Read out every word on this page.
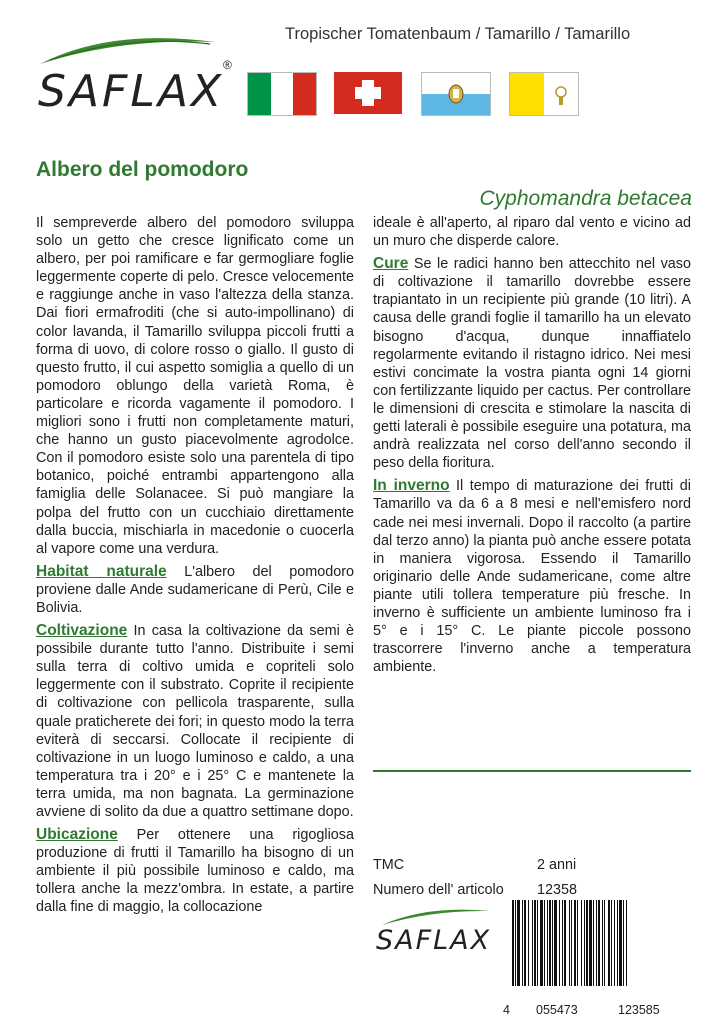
SAFLAX
®
Tropischer Tomatenbaum / Tamarillo / Tamarillo
Albero del pomodoro
Cyphomandra betacea

Il sempreverde albero del pomodoro sviluppa solo un getto che cresce lignificato come un albero, per poi ramificare e far germogliare foglie leggermente coperte di pelo. Cresce velocemente e raggiunge anche in vaso l'altezza della stanza. Dai fiori ermafroditi (che si auto-impollinano) di color lavanda, il Tamarillo sviluppa piccoli frutti a forma di uovo, di colore rosso o giallo. Il gusto di questo frutto, il cui aspetto somiglia a quello di un pomodoro oblungo della varietà Roma, è particolare e ricorda vagamente il pomodoro. I migliori sono i frutti non completamente maturi, che hanno un gusto piacevolmente agrodolce. Con il pomodoro esiste solo una parentela di tipo botanico, poiché entrambi appartengono alla famiglia delle Solanacee. Si può mangiare la polpa del frutto con un cucchiaio direttamente dalla buccia, mischiarla in macedonie o cuocerla al vapore come una verdura.

Habitat naturale L'albero del pomodoro proviene dalle Ande sudamericane di Perù, Cile e Bolivia.

Coltivazione In casa la coltivazione da semi è possibile durante tutto l'anno. Distribuite i semi sulla terra di coltivo umida e copriteli solo leggermente con il substrato. Coprite il recipiente di coltivazione con pellicola trasparente, sulla quale praticherete dei fori; in questo modo la terra eviterà di seccarsi. Collocate il recipiente di coltivazione in un luogo luminoso e caldo, a una temperatura tra i 20° e i 25° C e mantenete la terra umida, ma non bagnata. La germinazione avviene di solito da due a quattro settimane dopo.

Ubicazione Per ottenere una rigogliosa produzione di frutti il Tamarillo ha bisogno di un ambiente il più possibile luminoso e caldo, ma tollera anche la mezz'ombra. In estate, a partire dalla fine di maggio, la collocazione

ideale è all'aperto, al riparo dal vento e vicino ad un muro che disperde calore.

Cure Se le radici hanno ben attecchito nel vaso di coltivazione il tamarillo dovrebbe essere trapiantato in un recipiente più grande (10 litri). A causa delle grandi foglie il tamarillo ha un elevato bisogno d'acqua, dunque innaffiatelo regolarmente evitando il ristagno idrico. Nei mesi estivi concimate la vostra pianta ogni 14 giorni con fertilizzante liquido per cactus. Per controllare le dimensioni di crescita e stimolare la nascita di getti laterali è possibile eseguire una potatura, ma andrà realizzata nel corso dell'anno secondo il peso della fioritura.

In inverno Il tempo di maturazione dei frutti di Tamarillo va da 6 a 8 mesi e nell'emisfero nord cade nei mesi invernali. Dopo il raccolto (a partire dal terzo anno) la pianta può anche essere potata in maniera vigorosa. Essendo il Tamarillo originario delle Ande sudamericane, come altre piante utili tollera temperature più fresche. In inverno è sufficiente un ambiente luminoso fra i 5° e i 15° C. Le piante piccole possono trascorrere l'inverno anche a temperatura ambiente.

TMC	2 anni
Numero dell' articolo 12358
SAFLAX
4 055473	123585
